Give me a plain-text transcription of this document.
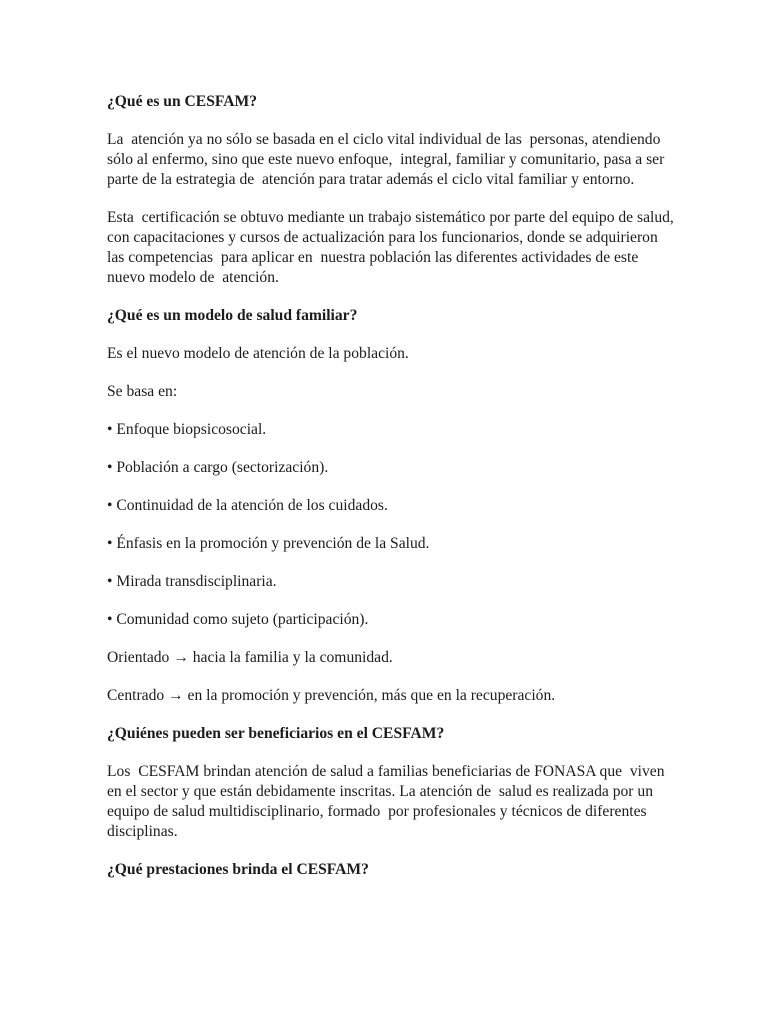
¿Qué es un CESFAM?

La  atención ya no sólo se basada en el ciclo vital individual de las  personas, atendiendo sólo al enfermo, sino que este nuevo enfoque,  integral, familiar y comunitario, pasa a ser parte de la estrategia de  atención para tratar además el ciclo vital familiar y entorno.

Esta  certificación se obtuvo mediante un trabajo sistemático por parte del equipo de salud, con capacitaciones y cursos de actualización para los funcionarios, donde se adquirieron las competencias  para aplicar en  nuestra población las diferentes actividades de este nuevo modelo de  atención.

¿Qué es un modelo de salud familiar?

Es el nuevo modelo de atención de la población.

Se basa en:

• Enfoque biopsicosocial.
• Población a cargo (sectorización).
• Continuidad de la atención de los cuidados.
• Énfasis en la promoción y prevención de la Salud.
• Mirada transdisciplinaria.
• Comunidad como sujeto (participación).
Orientado → hacia la familia y la comunidad.
Centrado → en la promoción y prevención, más que en la recuperación.
¿Quiénes pueden ser beneficiarios en el CESFAM?

Los  CESFAM brindan atención de salud a familias beneficiarias de FONASA que  viven en el sector y que están debidamente inscritas. La atención de  salud es realizada por un equipo de salud multidisciplinario, formado  por profesionales y técnicos de diferentes disciplinas.

¿Qué prestaciones brinda el CESFAM?
